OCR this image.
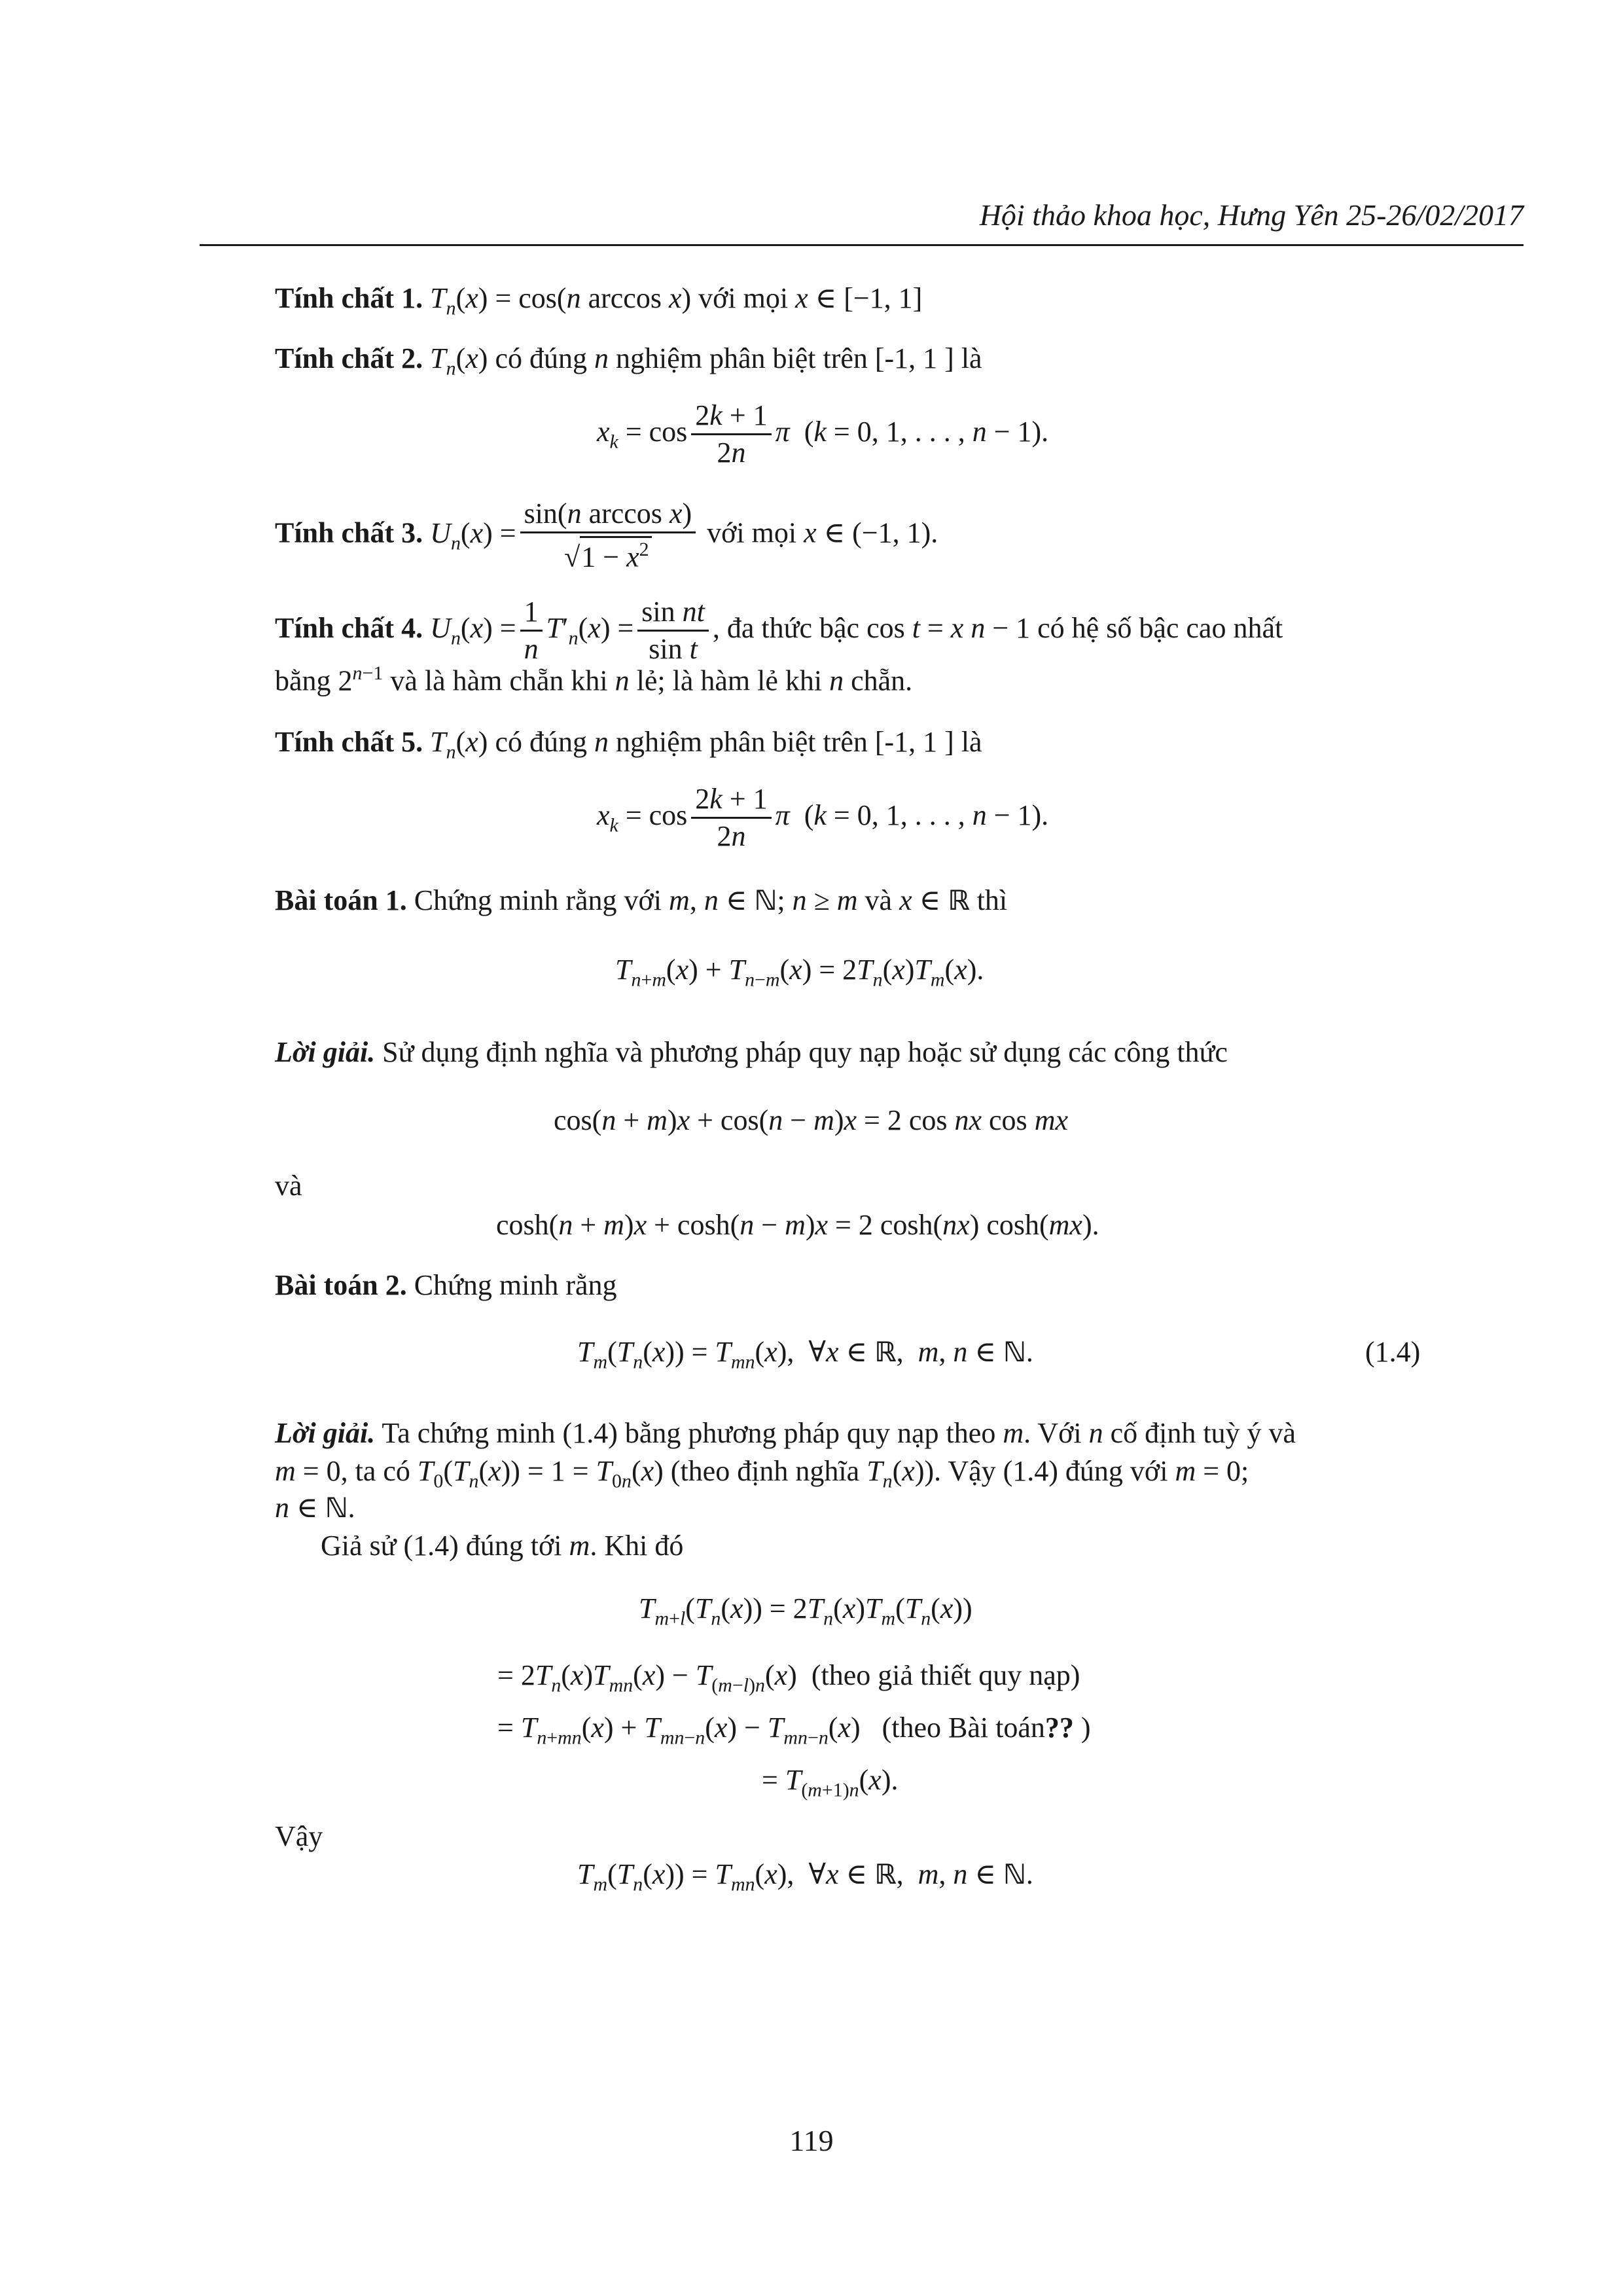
Hội thảo khoa học, Hưng Yên 25-26/02/2017
Tính chất 1. $T_n(x) = \cos(n$ arccos x) với mọi x ∈ [−1, 1]
Tính chất 2. $T_n(x)$ có đúng n nghiệm phân biệt trên [-1, 1 ] là
$x_k = \cos \frac{2k + 1}{2n}$ π  (k = 0, 1, . . . , n − 1).
Tính chất 3. $U_n(x) = \frac{\text{sin(n arccos x)}}{√1 - x^2}$ với mọi x ∈ (−1, 1).
Tính chất 4. $U_n(x) = \frac{1}{n} T'_n(x) = \frac{\text{sin nt}}{\text{sin t}}$ , đa thức bậc cos t = x n − 1 có hệ số bậc cao nhất
bằng $2^{n-1}$ và là hàm chẵn khi n lẻ; là hàm lẻ khi n chẵn.
Tính chất 5. $T_n(x)$ có đúng n nghiệm phân biệt trên [-1, 1 ] là
$x_k = \cos \frac{2k + 1}{2n}$ π  (k = 0, 1, . . . , n − 1).
Bài toán 1. Chứng minh rằng với m, n ∈ ℕ; n ≥ m và x ∈ ℝ thì
$T_{n+m}(x) + T_{n-m}(x) = 2T_n(x)T_m(x)$.
Lời giải. Sử dụng định nghĩa và phương pháp quy nạp hoặc sử dụng các công thức
cos(n + m)x + cos(n − m)x = 2 cos nx cos mx
và
cosh(n + m)x + cosh(n − m)x = 2 cosh(nx) cosh(mx).
Bài toán 2. Chứng minh rằng
$T_m(T_n(x)) = T_{mn}(x)$,  ∀x ∈ ℝ,  m, n ∈ ℕ.	(1.4)
Lời giải. Ta chứng minh (1.4) bằng phương pháp quy nạp theo m. Với n cố định tuỳ ý và
m = 0, ta có $T_0(T_n(x)) = 1 = T_{0n}(x)$ (theo định nghĩa $T_n(x)$). Vậy (1.4) đúng với m = 0;
n ∈ ℕ.
Giả sử (1.4) đúng tới m. Khi đó
$T_{m+l}(T_n(x)) = 2T_n(x)T_m(T_n(x))$
= $2T_n(x)T_{mn}(x) - T_{(m-l)n}(x)$  (theo giả thiết quy nạp)
= $T_{n+mn}(x) + T_{mn-n}(x) - T_{mn-n}(x)$   (theo Bài toán?? )
= $T_{(m+1)n}(x)$.
Vậy
$T_m(T_n(x)) = T_{mn}(x)$,  ∀x ∈ ℝ,  m, n ∈ ℕ.
119
